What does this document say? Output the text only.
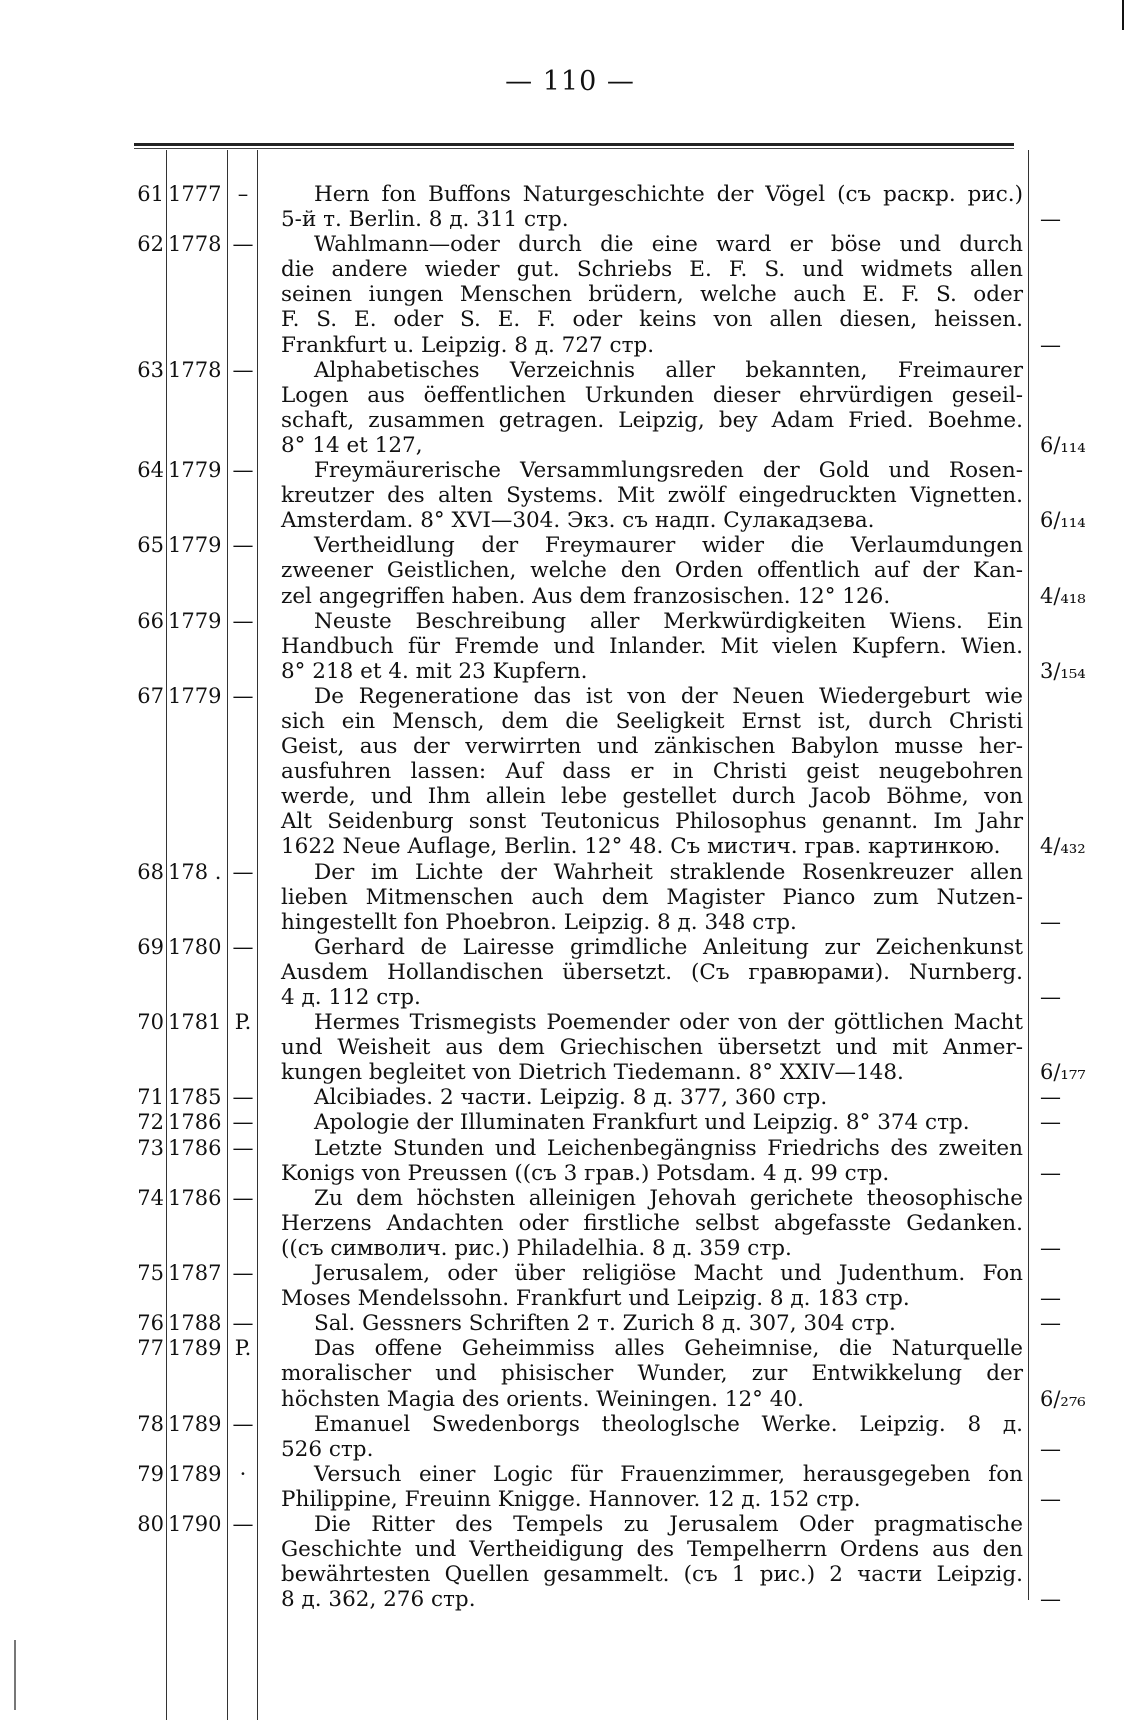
— 110 —
61 1777 –	Hern fon Buffons Naturgeschichte der Vögel (съ раскр. рис.)
5-й т. Berlin. 8 д. 311 стр.	—
62 1778 —	Wahlmann—oder durch die eine ward er böse und durch
die andere wieder gut. Schriebs E. F. S. und widmets allen
seinen iungen Menschen brüdern, welche auch E. F. S. oder
F. S. E. oder S. E. F. oder keins von allen diesen, heissen.
Frankfurt u. Leipzig. 8 д. 727 стр.	—
63 1778 —	Alphabetisches Verzeichnis aller bekannten, Freimaurer
Logen aus öeffentlichen Urkunden dieser ehrvürdigen geseil-
schaft, zusammen getragen. Leipzig, bey Adam Fried. Boehme.
8° 14 et 127,	6/₁₁₄
64 1779 —	Freymäurerische Versammlungsreden der Gold und Rosen-
kreutzer des alten Systems. Mit zwölf eingedruckten Vignetten.
Amsterdam. 8° XVI—304. Экз. съ надп. Сулакадзева.	6/₁₁₄
65 1779 —	Vertheidlung der Freymaurer wider die Verlaumdungen
zweener Geistlichen, welche den Orden offentlich auf der Kan-
zel angegriffen haben. Aus dem franzosischen. 12° 126.	4/₄₁₈
66 1779 —	Neuste Beschreibung aller Merkwürdigkeiten Wiens. Ein
Handbuch für Fremde und Inlander. Mit vielen Kupfern. Wien.
8° 218 et 4. mit 23 Kupfern.	3/₁₅₄
67 1779 —	De Regeneratione das ist von der Neuen Wiedergeburt wie
sich ein Mensch, dem die Seeligkeit Ernst ist, durch Christi
Geist, aus der verwirrten und zänkischen Babylon musse her-
ausfuhren lassen: Auf dass er in Christi geist neugebohren
werde, und Ihm allein lebe gestellet durch Jacob Böhme, von
Alt Seidenburg sonst Teutonicus Philosophus genannt. Im Jahr
1622 Neue Auflage, Berlin. 12° 48. Съ мистич. грав. картинкою.	4/₄₃₂
68 178 . —	Der im Lichte der Wahrheit straklende Rosenkreuzer allen
lieben Mitmenschen auch dem Magister Pianco zum Nutzen-
hingestellt fon Phoebron. Leipzig. 8 д. 348 стр.	—
69 1780 —	Gerhard de Lairesse grimdliche Anleitung zur Zeichenkunst
Ausdem Hollandischen übersetzt. (Съ гравюрами). Nurnberg.
4 д. 112 стр.	—
70 1781 P.	Hermes Trismegists Poemender oder von der göttlichen Macht
und Weisheit aus dem Griechischen übersetzt und mit Anmer-
kungen begleitet von Dietrich Tiedemann. 8° XXIV—148.	6/₁₇₇
71 1785 —	Alcibiades. 2 части. Leipzig. 8 д. 377, 360 стр.	—
72 1786 —	Apologie der Illuminaten Frankfurt und Leipzig. 8° 374 стр.	—
73 1786 —	Letzte Stunden und Leichenbegängniss Friedrichs des zweiten
Konigs von Preussen ((съ 3 грав.) Potsdam. 4 д. 99 стр.	—
74 1786 —	Zu dem höchsten alleinigen Jehovah gerichete theosophische
Herzens Andachten oder firstliche selbst abgefasste Gedanken.
((съ символич. рис.) Philadelhia. 8 д. 359 стр.	—
75 1787 —	Jerusalem, oder über religiöse Macht und Judenthum. Fon
Moses Mendelssohn. Frankfurt und Leipzig. 8 д. 183 стр.	—
76 1788 —	Sal. Gessners Schriften 2 т. Zurich 8 д. 307, 304 стр.	—
77 1789 P.	Das offene Geheimmiss alles Geheimnise, die Naturquelle
moralischer und phisischer Wunder, zur Entwikkelung der
höchsten Magia des orients. Weiningen. 12° 40.	6/₂₇₆
78 1789 —	Emanuel Swedenborgs theologlsche Werke. Leipzig. 8 д.
526 стр.	—
79 1789 ·	Versuch einer Logic für Frauenzimmer, herausgegeben fon
Philippine, Freuinn Knigge. Hannover. 12 д. 152 стр.	—
80 1790 —	Die Ritter des Tempels zu Jerusalem Oder pragmatische
Geschichte und Vertheidigung des Tempelherrn Ordens aus den
bewährtesten Quellen gesammelt. (съ 1 рис.) 2 части Leipzig.
8 д. 362, 276 стр.	—
